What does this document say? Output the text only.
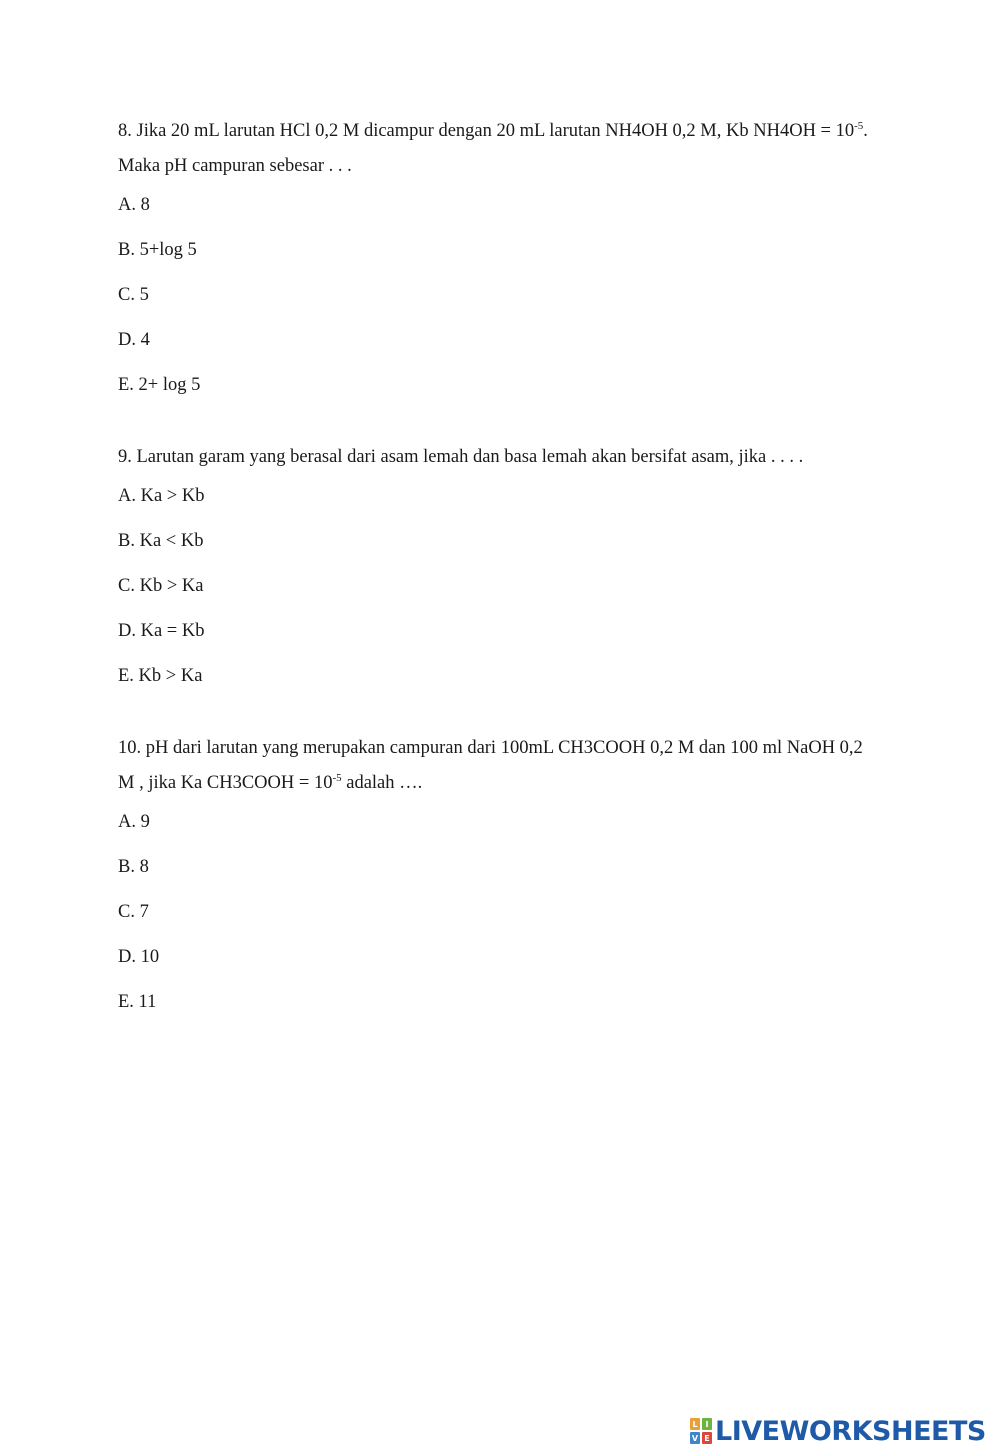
8. Jika 20 mL larutan HCl 0,2 M dicampur dengan 20 mL larutan NH4OH 0,2 M, Kb $NH4OH = 10^{-5}$.
Maka pH campuran sebesar . . .
A. 8
B. 5+log 5
C. 5
D. 4
E. 2+ log 5
9. Larutan garam yang berasal dari asam lemah dan basa lemah akan bersifat asam, jika . . . .
A. Ka > Kb
B. Ka < Kb
C. Kb > Ka
D. Ka = Kb
E. Kb > Ka
10. pH dari larutan yang merupakan campuran dari 100mL CH3COOH 0,2 M dan 100 ml NaOH 0,2
M , jika Ka CH3COOH = $10^{-5}$ adalah ….
A. 9
B. 8
C. 7
D. 10
E. 11
L I
V E LIVEWORKSHEETS
